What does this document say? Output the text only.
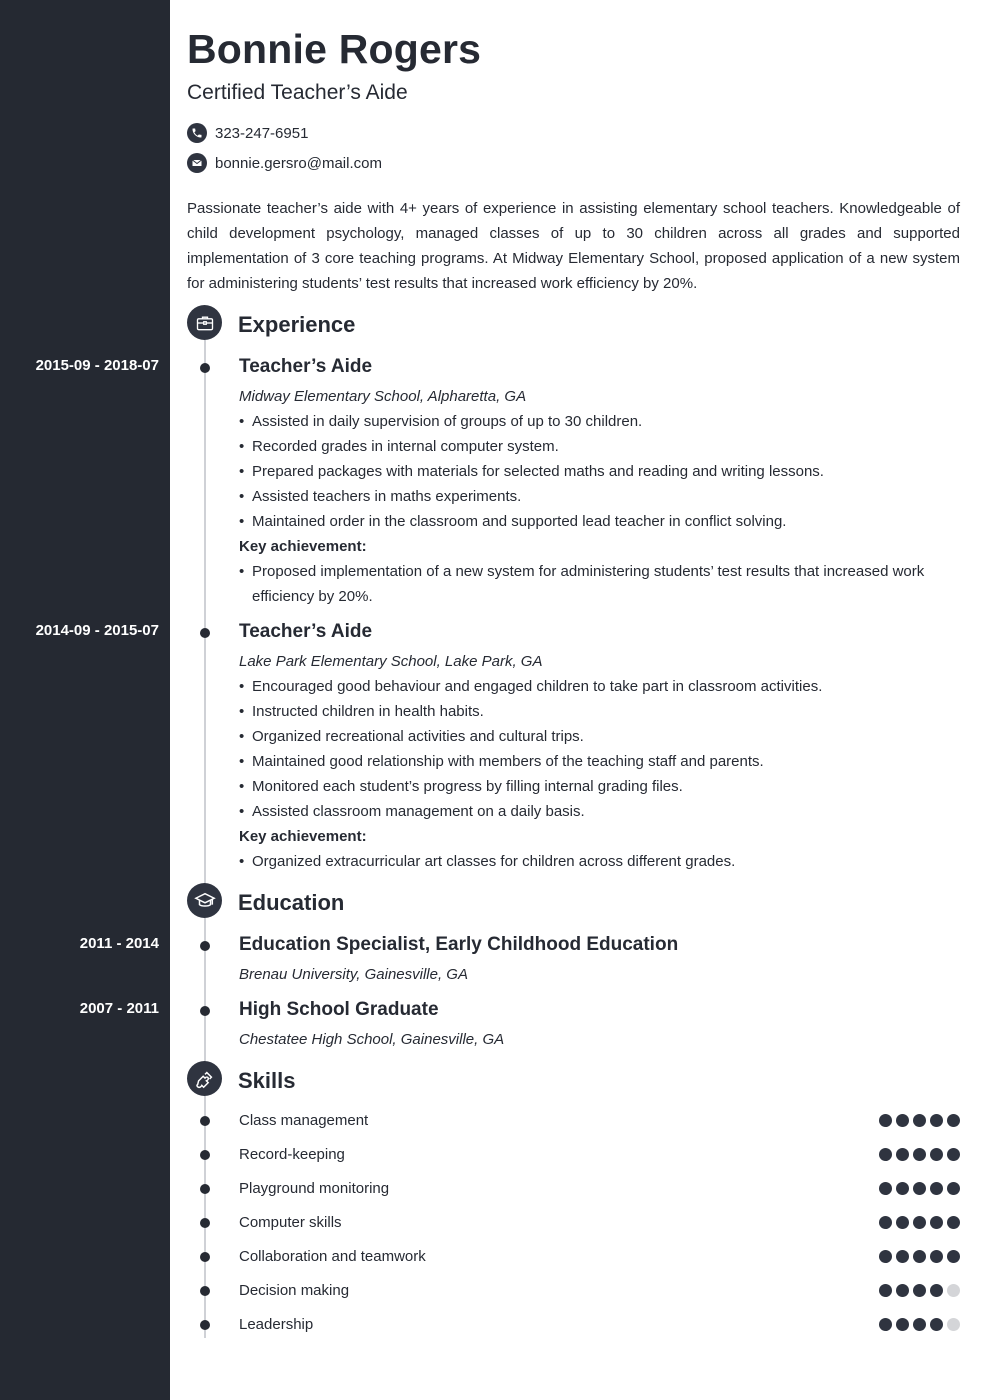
Bonnie Rogers
Certified Teacher’s Aide
323-247-6951
bonnie.gersro@mail.com
Passionate teacher’s aide with 4+ years of experience in assisting elementary school teachers. Knowledgeable of child development psychology, managed classes of up to 30 children across all grades and supported implementation of 3 core teaching programs. At Midway Elementary School, proposed application of a new system for administering students’ test results that increased work efficiency by 20%.
Experience
2015-09 - 2018-07	Teacher’s Aide
Midway Elementary School, Alpharetta, GA
• Assisted in daily supervision of groups of up to 30 children.
• Recorded grades in internal computer system.
• Prepared packages with materials for selected maths and reading and writing lessons.
• Assisted teachers in maths experiments.
• Maintained order in the classroom and supported lead teacher in conflict solving.
Key achievement:
• Proposed implementation of a new system for administering students’ test results that increased work efficiency by 20%.
2014-09 - 2015-07	Teacher’s Aide
Lake Park Elementary School, Lake Park, GA
• Encouraged good behaviour and engaged children to take part in classroom activities.
• Instructed children in health habits.
• Organized recreational activities and cultural trips.
• Maintained good relationship with members of the teaching staff and parents.
• Monitored each student’s progress by filling internal grading files.
• Assisted classroom management on a daily basis.
Key achievement:
• Organized extracurricular art classes for children across different grades.
Education
2011 - 2014	Education Specialist, Early Childhood Education
Brenau University, Gainesville, GA
2007 - 2011	High School Graduate
Chestatee High School, Gainesville, GA
Skills
Class management
Record-keeping
Playground monitoring
Computer skills
Collaboration and teamwork
Decision making
Leadership
